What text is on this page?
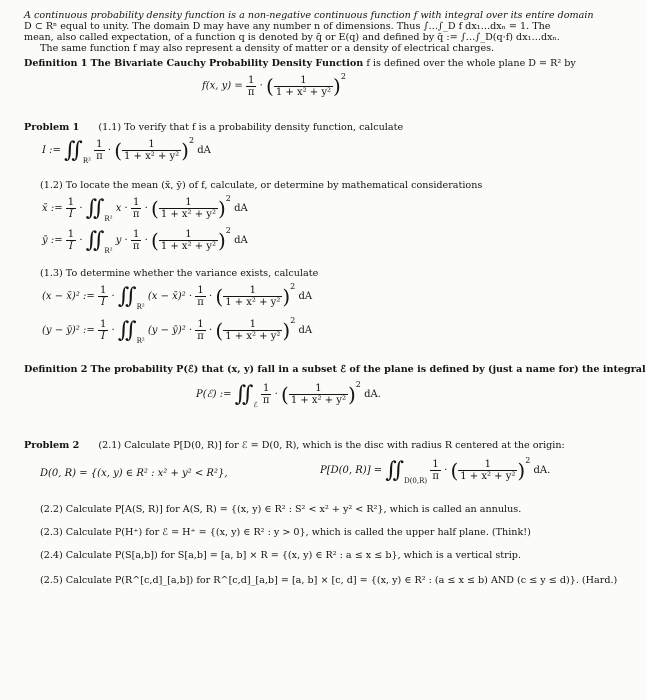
A continuous probability density function is a non-negative continuous function f with integral over its entire domain
D ⊂ Rⁿ equal to unity. The domain D may have any number n of dimensions. Thus ∫…∫_D f dx₁…dxₙ = 1. The
mean, also called expectation, of a function q is denoted by q̄ or E(q) and defined by q̄ := ∫…∫_D(q·f) dx₁…dxₙ.
The same function f may also represent a density of matter or a density of electrical charges.
Definition 1 The Bivariate Cauchy Probability Density Function f is defined over the whole plane D = R² by
f(x, $y) = \frac{1}{\pi}$ · ( $\frac{1}{\text{1 + x² + y²}} )^2$
Problem 1 (1.1) To verify that f is a probability density function, calculate
I := $∬_{R^2} \frac{1}{\pi}$ · ( $\frac{1}{\text{1 + x² + y²}} )^2$ dA
(1.2) To locate the mean (x̄, ȳ) of f, calculate, or determine by mathematical considerations
x̄ := $\frac{1}{I}$ · $∬_{R^2}$ $x \cdot \frac{1}{\pi}$ · ( $\frac{1}{\text{1 + x² + y²}} )^2$ dA
ȳ := $\frac{1}{I}$ · $∬_{R^2}$ $y \cdot \frac{1}{\pi}$ · ( $\frac{1}{\text{1 + x² + y²}} )^2$ dA
(1.3) To determine whether the variance exists, calculate
(x − x̄)² := $\frac{1}{I}$ · $∬_{R^2}$ (x − x̄)² · $\frac{1}{\pi}$ · ( $\frac{1}{\text{1 + x² + y²}} )^2$ dA
(y − ȳ)² := $\frac{1}{I}$ · $∬_{R^2}$ (y − ȳ)² · $\frac{1}{\pi}$ · ( $\frac{1}{\text{1 + x² + y²}} )^2$ dA
Definition 2 The probability P(ℰ) that (x, y) fall in a subset ℰ of the plane is defined by (just a name for) the integral
P(ℰ) := $∬_ℰ \frac{1}{\pi}$ · ( $\frac{1}{\text{1 + x² + y²}} )^2$ dA.
Problem 2 (2.1) Calculate P[D(0, R)] for ℰ = D(0, R), which is the disc with radius R centered at the origin:
D(0, R) = {(x, y) ∈ R² : x² + y² < R²},	P[D(0, $R)] = ∬_{D(0,R)} \frac{1}{\pi}$ · ( $\frac{1}{\text{1 + x² + y²}} )^2$ dA.
(2.2) Calculate P[A(S, R)] for A(S, R) = {(x, y) ∈ R² : S² < x² + y² < R²}, which is called an annulus.
(2.3) Calculate P(H⁺) for ℰ = H⁺ = {(x, y) ∈ R² : y > 0}, which is called the upper half plane. (Think!)
(2.4) Calculate P(S[a,b]) for S[a,b] = [a, b] × R = {(x, y) ∈ R² : a ≤ x ≤ b}, which is a vertical strip.
(2.5) Calculate P(R^[c,d]_[a,b]) for R^[c,d]_[a,b] = [a, b] × [c, d] = {(x, y) ∈ R² : (a ≤ x ≤ b) AND (c ≤ y ≤ d)}. (Hard.)
